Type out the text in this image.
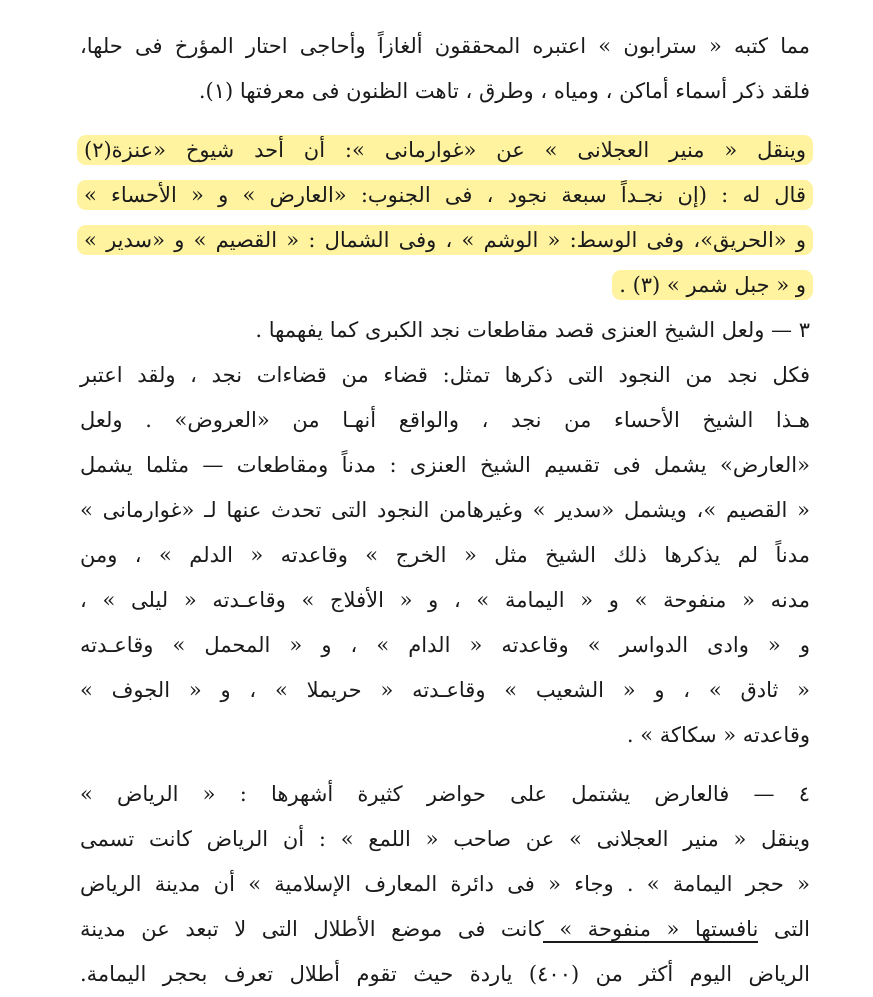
مما كتبه « سترابون » اعتبره المحققون ألغازاً وأحاجى احتار المؤرخ فى حلها،
فلقد ذكر أسماء أماكن ، ومياه ، وطرق ، تاهت الظنون فى معرفتها (١).
وينقل « منير العجلانى » عن «غوارمانى »: أن أحد شيوخ «عنزة(٢)
قال له : (إن نجـداً سبعة نجود ، فى الجنوب: «العارض » و « الأحساء »
و «الحريق»، وفى الوسط: « الوشم » ، وفى الشمال : « القصيم » و «سدير »
و « جبل شمر » (٣) .
٣ — ولعل الشيخ العنزى قصد مقاطعات نجد الكبرى كما يفهمها .
فكل نجد من النجود التى ذكرها تمثل: قضاء من قضاءات نجد ، ولقد اعتبر
هـذا الشيخ الأحساء من نجد ، والواقع أنهـا من «العروض» . ولعل
«العارض» يشمل فى تقسيم الشيخ العنزى : مدناً ومقاطعات — مثلما يشمل
« القصيم »، ويشمل «سدير » وغيرهامن النجود التى تحدث عنها لـ «غوارمانى »
مدناً لم يذكرها ذلك الشيخ مثل « الخرج » وقاعدته « الدلم » ، ومن
مدنه « منفوحة » و « اليمامة » ، و « الأفلاج » وقاعـدته « ليلى » ،
و « وادى الدواسر » وقاعدته « الدام » ، و « المحمل » وقاعـدته
« ثادق » ، و « الشعيب » وقاعـدته « حريملا » ، و « الجوف »
وقاعدته « سكاكة » .
٤ — فالعارض يشتمل على حواضر كثيرة أشهرها : « الرياض »
وينقل « منير العجلانى » عن صاحب « اللمع » : أن الرياض كانت تسمى
« حجر اليمامة » . وجاء « فى دائرة المعارف الإسلامية » أن مدينة الرياض
التى نافستها « منفوحة » كانت فى موضع الأطلال التى لا تبعد عن مدينة
الرياض اليوم أكثر من (٤٠٠) ياردة حيث تقوم أطلال تعرف بحجر اليمامة.
